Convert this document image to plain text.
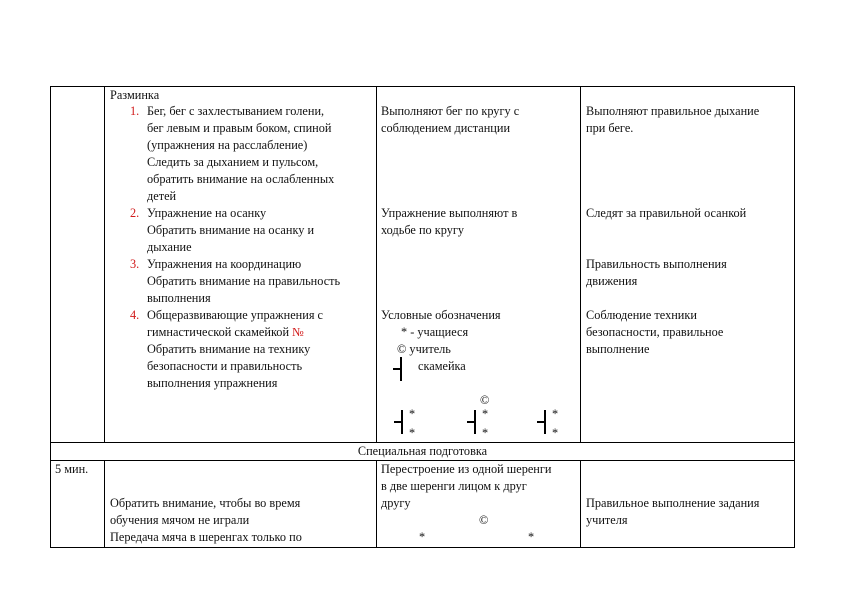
Разминка
1. Бег, бег с захлестыванием голени,
бег левым и правым боком, спиной
(упражнения на расслабление)
Следить за дыханием и пульсом,
обратить внимание на ослабленных
детей
2. Упражнение на осанку
Обратить внимание на осанку и
дыхание
3. Упражнения на координацию
Обратить внимание на правильность
выполнения
4. Общеразвивающие упражнения с
гимнастической скамейкой №
Обратить внимание на технику
безопасности и правильность
выполнения упражнения
Выполняют бег по кругу с
соблюдением дистанции
Упражнение выполняют в
ходьбе по кругу
Условные обозначения
* - учащиеся
© учитель
скамейка
©
*
*
*
*
*
*
Выполняют правильное дыхание
при беге.
Следят за правильной осанкой
Правильность выполнения
движения
Соблюдение техники
безопасности, правильное
выполнение
Специальная подготовка
5 мин.
Обратить внимание, чтобы во время
обучения мячом не играли
Передача мяча в шеренгах только по
Перестроение из одной шеренги
в две шеренги лицом к друг
другу
©
*	*
Правильное выполнение задания
учителя
